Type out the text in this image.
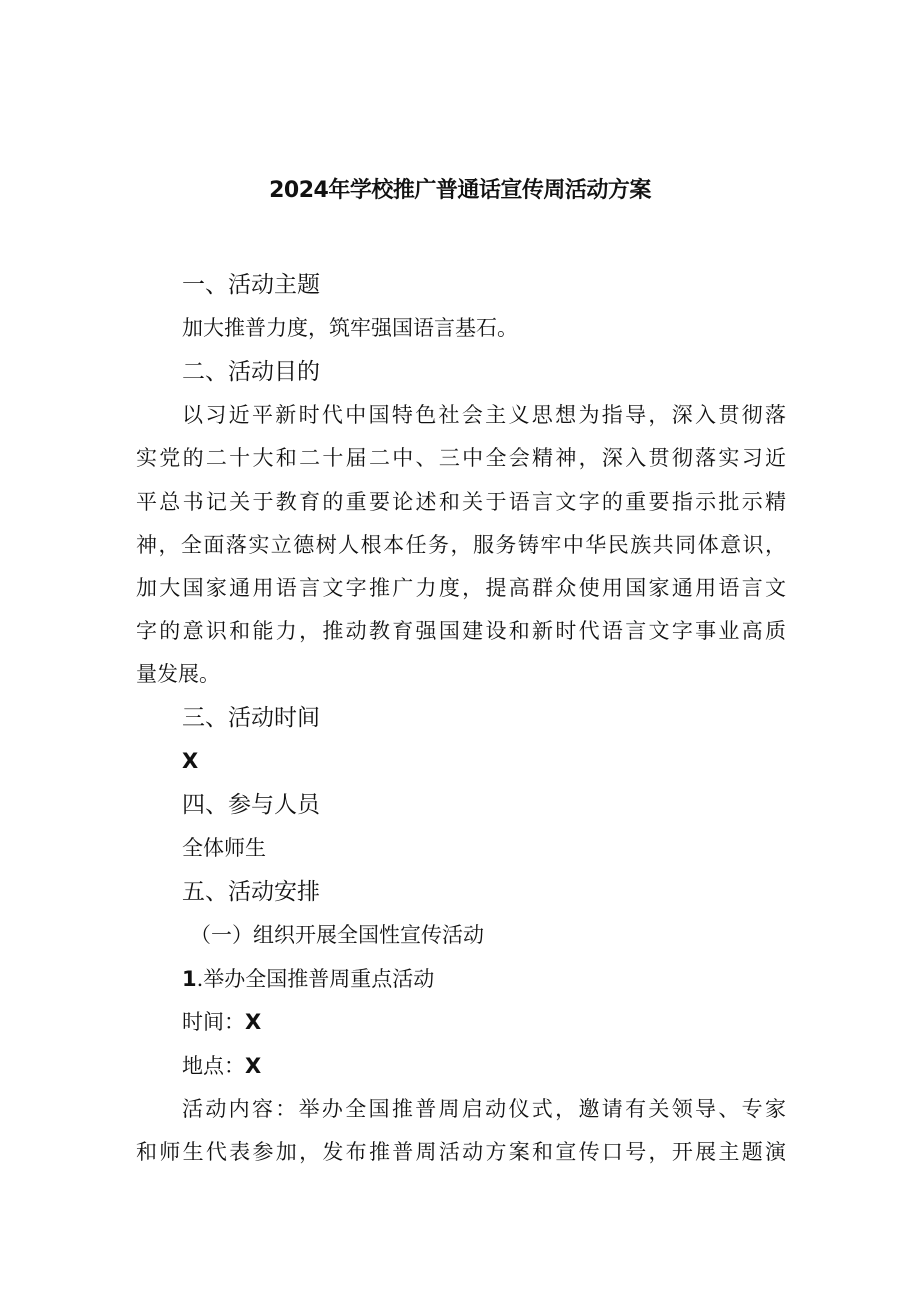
2024年学校推广普通话宣传周活动方案
一、活动主题
加大推普力度，筑牢强国语言基石。
二、活动目的
以习近平新时代中国特色社会主义思想为指导，深入贯彻落
实党的二十大和二十届二中、三中全会精神，深入贯彻落实习近
平总书记关于教育的重要论述和关于语言文字的重要指示批示精
神，全面落实立德树人根本任务，服务铸牢中华民族共同体意识，
加大国家通用语言文字推广力度，提高群众使用国家通用语言文
字的意识和能力，推动教育强国建设和新时代语言文字事业高质
量发展。
三、活动时间
X
四、参与人员
全体师生
五、活动安排
（一）组织开展全国性宣传活动
1.举办全国推普周重点活动
时间：X
地点：X
活动内容：举办全国推普周启动仪式，邀请有关领导、专家
和师生代表参加，发布推普周活动方案和宣传口号，开展主题演
